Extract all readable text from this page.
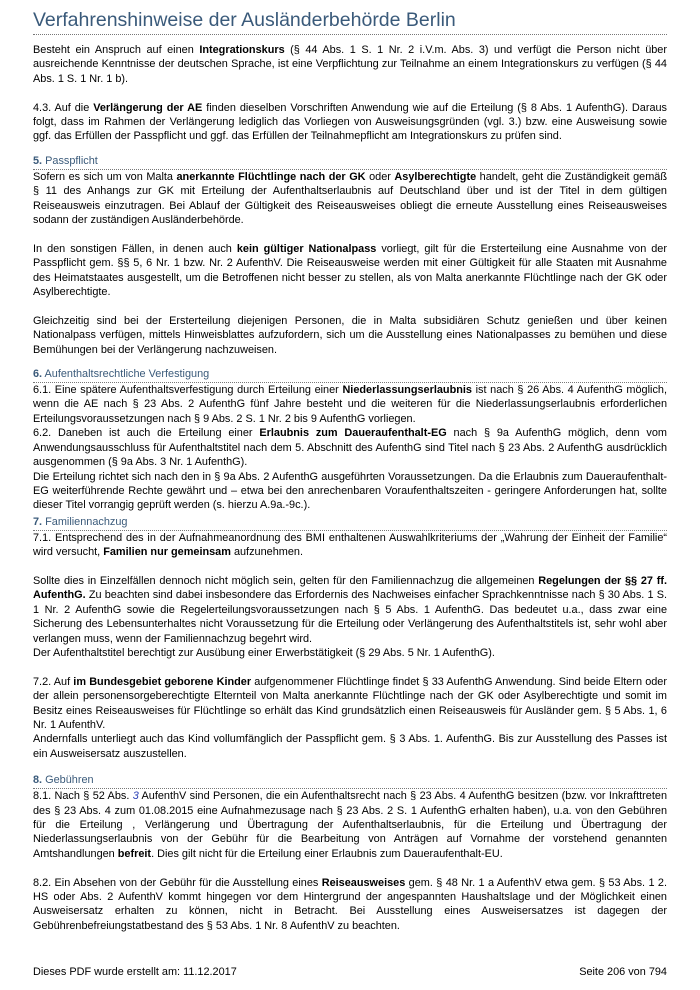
Verfahrenshinweise der Ausländerbehörde Berlin

Besteht ein Anspruch auf einen Integrationskurs (§ 44 Abs. 1 S. 1 Nr. 2 i.V.m. Abs. 3) und verfügt die Person nicht über ausreichende Kenntnisse der deutschen Sprache, ist eine Verpflichtung zur Teilnahme an einem Integrationskurs zu verfügen (§ 44 Abs. 1 S. 1 Nr. 1 b).

4.3. Auf die Verlängerung der AE finden dieselben Vorschriften Anwendung wie auf die Erteilung (§ 8 Abs. 1 AufenthG). Daraus folgt, dass im Rahmen der Verlängerung lediglich das Vorliegen von Ausweisungsgründen (vgl. 3.) bzw. eine Ausweisung sowie ggf. das Erfüllen der Passpflicht und ggf. das Erfüllen der Teilnahmepflicht am Integrationskurs zu prüfen sind.

5. Passpflicht

Sofern es sich um von Malta anerkannte Flüchtlinge nach der GK oder Asylberechtigte handelt, geht die Zuständigkeit gemäß § 11 des Anhangs zur GK mit Erteilung der Aufenthaltserlaubnis auf Deutschland über und ist der Titel in dem gültigen Reiseausweis einzutragen. Bei Ablauf der Gültigkeit des Reiseausweises obliegt die erneute Ausstellung eines Reiseausweises sodann der zuständigen Ausländerbehörde.

In den sonstigen Fällen, in denen auch kein gültiger Nationalpass vorliegt, gilt für die Ersterteilung eine Ausnahme von der Passpflicht gem. §§ 5, 6 Nr. 1 bzw. Nr. 2 AufenthV. Die Reiseausweise werden mit einer Gültigkeit für alle Staaten mit Ausnahme des Heimatstaates ausgestellt, um die Betroffenen nicht besser zu stellen, als von Malta anerkannte Flüchtlinge nach der GK oder Asylberechtigte.

Gleichzeitig sind bei der Ersterteilung diejenigen Personen, die in Malta subsidiären Schutz genießen und über keinen Nationalpass verfügen, mittels Hinweisblattes aufzufordern, sich um die Ausstellung eines Nationalpasses zu bemühen und diese Bemühungen bei der Verlängerung nachzuweisen.

6. Aufenthaltsrechtliche Verfestigung

6.1. Eine spätere Aufenthaltsverfestigung durch Erteilung einer Niederlassungserlaubnis ist nach § 26 Abs. 4 AufenthG möglich, wenn die AE nach § 23 Abs. 2 AufenthG fünf Jahre besteht und die weiteren für die Niederlassungserlaubnis erforderlichen Erteilungsvoraussetzungen nach § 9 Abs. 2 S. 1 Nr. 2 bis 9 AufenthG vorliegen.

6.2. Daneben ist auch die Erteilung einer Erlaubnis zum Daueraufenthalt-EG nach § 9a AufenthG möglich, denn vom Anwendungsausschluss für Aufenthaltstitel nach dem 5. Abschnitt des AufenthG sind Titel nach § 23 Abs. 2 AufenthG ausdrücklich ausgenommen (§ 9a Abs. 3 Nr. 1 AufenthG).

Die Erteilung richtet sich nach den in § 9a Abs. 2 AufenthG ausgeführten Voraussetzungen. Da die Erlaubnis zum Daueraufenthalt- EG weiterführende Rechte gewährt und – etwa bei den anrechenbaren Voraufenthaltszeiten - geringere Anforderungen hat, sollte dieser Titel vorrangig geprüft werden (s. hierzu A.9a.-9c.).

7. Familiennachzug

7.1. Entsprechend des in der Aufnahmeanordnung des BMI enthaltenen Auswahlkriteriums der „Wahrung der Einheit der Familie“ wird versucht, Familien nur gemeinsam aufzunehmen.

Sollte dies in Einzelfällen dennoch nicht möglich sein, gelten für den Familiennachzug die allgemeinen Regelungen der §§ 27 ff. AufenthG. Zu beachten sind dabei insbesondere das Erfordernis des Nachweises einfacher Sprachkenntnisse nach § 30 Abs. 1 S. 1 Nr. 2 AufenthG sowie die Regelerteilungsvoraussetzungen nach § 5 Abs. 1 AufenthG. Das bedeutet u.a., dass zwar eine Sicherung des Lebensunterhaltes nicht Voraussetzung für die Erteilung oder Verlängerung des Aufenthaltstitels ist, sehr wohl aber verlangen muss, wenn der Familiennachzug begehrt wird.

Der Aufenthaltstitel berechtigt zur Ausübung einer Erwerbstätigkeit (§ 29 Abs. 5 Nr. 1 AufenthG).

7.2. Auf im Bundesgebiet geborene Kinder aufgenommener Flüchtlinge findet § 33 AufenthG Anwendung. Sind beide Eltern oder der allein personensorgeberechtigte Elternteil von Malta anerkannte Flüchtlinge nach der GK oder Asylberechtigte und somit im Besitz eines Reiseausweises für Flüchtlinge so erhält das Kind grundsätzlich einen Reiseausweis für Ausländer gem. § 5 Abs. 1, 6 Nr. 1 AufenthV.

Andernfalls unterliegt auch das Kind vollumfänglich der Passpflicht gem. § 3 Abs. 1. AufenthG. Bis zur Ausstellung des Passes ist ein Ausweisersatz auszustellen.

8. Gebühren

8.1. Nach § 52 Abs. 3 AufenthV sind Personen, die ein Aufenthaltsrecht nach § 23 Abs. 4 AufenthG besitzen (bzw. vor Inkrafttreten des § 23 Abs. 4 zum 01.08.2015 eine Aufnahmezusage nach § 23 Abs. 2 S. 1 AufenthG erhalten haben), u.a. von den Gebühren für die Erteilung , Verlängerung und Übertragung der Aufenthaltserlaubnis, für die Erteilung und Übertragung der Niederlassungserlaubnis von der Gebühr für die Bearbeitung von Anträgen auf Vornahme der vorstehend genannten Amtshandlungen befreit. Dies gilt nicht für die Erteilung einer Erlaubnis zum Daueraufenthalt-EU.

8.2. Ein Absehen von der Gebühr für die Ausstellung eines Reiseausweises gem. § 48 Nr. 1 a AufenthV etwa gem. § 53 Abs. 1 2. HS oder Abs. 2 AufenthV kommt hingegen vor dem Hintergrund der angespannten Haushaltslage und der Möglichkeit einen Ausweisersatz erhalten zu können, nicht in Betracht. Bei Ausstellung eines Ausweisersatzes ist dagegen der Gebührenbefreiungstatbestand des § 53 Abs. 1 Nr. 8 AufenthV zu beachten.

Dieses PDF wurde erstellt am: 11.12.2017	Seite 206 von 794
